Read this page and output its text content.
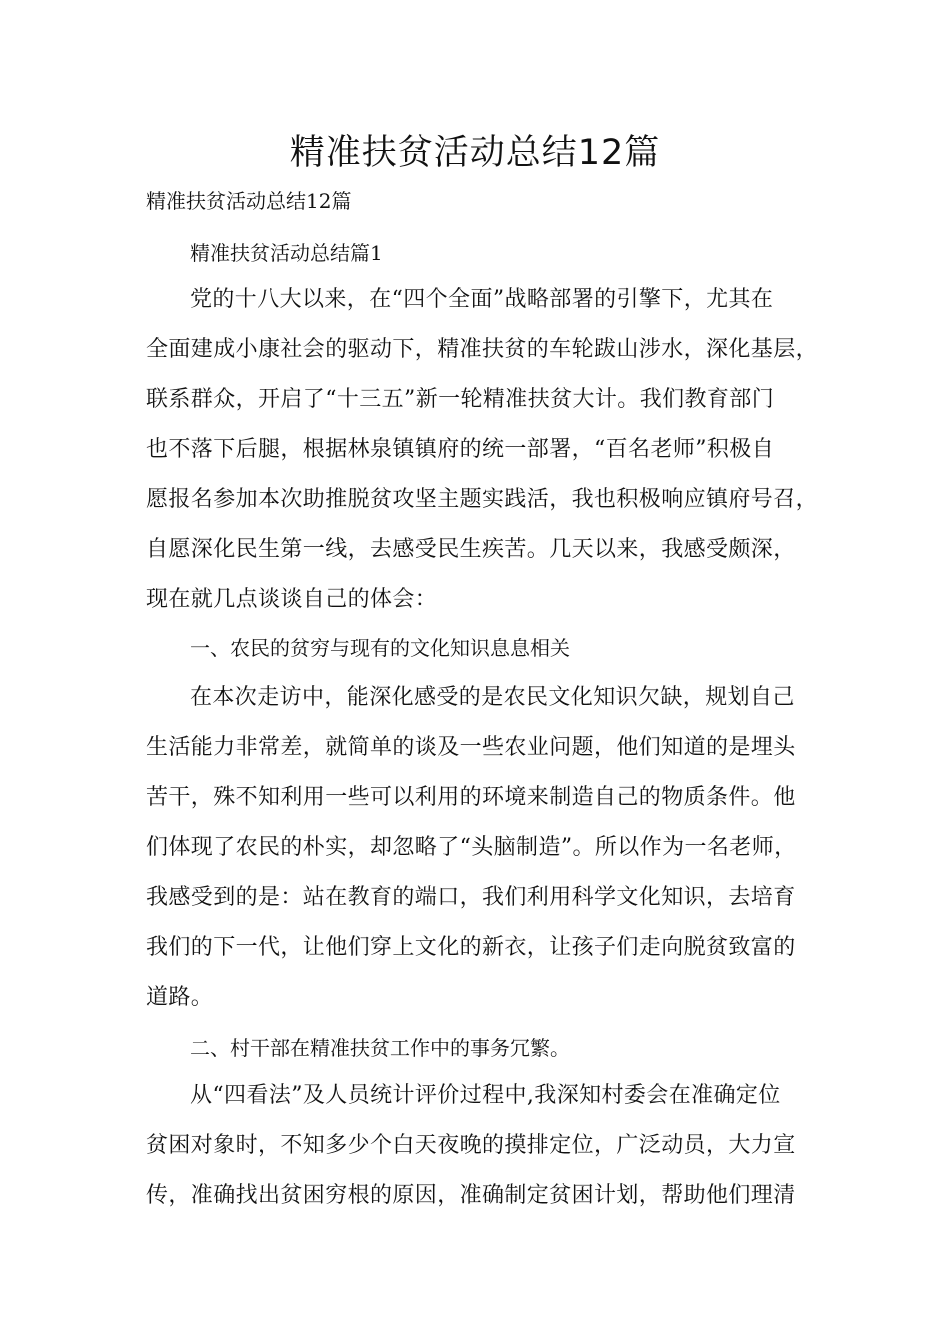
精准扶贫活动总结12篇

精准扶贫活动总结12篇

精准扶贫活动总结篇1

党的十八大以来，在“四个全面”战略部署的引擎下，尤其在
全面建成小康社会的驱动下，精准扶贫的车轮跋山涉水，深化基层，
联系群众，开启了“十三五”新一轮精准扶贫大计。我们教育部门
也不落下后腿，根据林泉镇镇府的统一部署，“百名老师”积极自
愿报名参加本次助推脱贫攻坚主题实践活，我也积极响应镇府号召，
自愿深化民生第一线，去感受民生疾苦。几天以来，我感受颇深，
现在就几点谈谈自己的体会：

一、农民的贫穷与现有的文化知识息息相关

在本次走访中，能深化感受的是农民文化知识欠缺，规划自己
生活能力非常差，就简单的谈及一些农业问题，他们知道的是埋头
苦干，殊不知利用一些可以利用的环境来制造自己的物质条件。他
们体现了农民的朴实，却忽略了“头脑制造”。所以作为一名老师，
我感受到的是：站在教育的端口，我们利用科学文化知识，去培育
我们的下一代，让他们穿上文化的新衣，让孩子们走向脱贫致富的
道路。

二、村干部在精准扶贫工作中的事务冗繁。

从“四看法”及人员统计评价过程中,我深知村委会在准确定位
贫困对象时，不知多少个白天夜晚的摸排定位，广泛动员，大力宣
传，准确找出贫困穷根的原因，准确制定贫困计划，帮助他们理清
